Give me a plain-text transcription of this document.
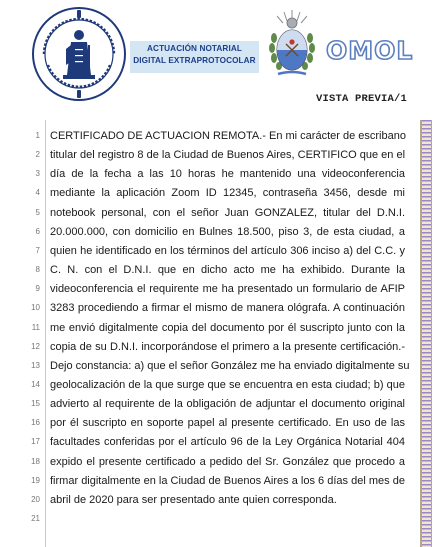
ACTUACIÓN NOTARIAL
DIGITAL EXTRAPROTOCOLAR	OMOL
VISTA PREVIA/1
1 CERTIFICADO DE ACTUACION REMOTA.- En mi carácter de escribano
2 titular del registro 8 de la Ciudad de Buenos Aires, CERTIFICO que en el
3 día de la fecha a las 10 horas he mantenido una videoconferencia
4 mediante la aplicación Zoom ID 12345, contraseña 3456, desde mi
5 notebook personal, con el señor Juan GONZALEZ, titular del D.N.I.
6 20.000.000, con domicilio en Bulnes 18.500, piso 3, de esta ciudad, a
7 quien he identificado en los términos del artículo 306 inciso a) del C.C. y
8 C. N. con el D.N.I. que en dicho acto me ha exhibido. Durante la
9 videoconferencia el requirente me ha presentado un formulario de AFIP
10 3283 procediendo a firmar el mismo de manera ológrafa. A continuación
11 me envió digitalmente copia del documento por él suscripto junto con la
12 copia de su D.N.I. incorporándose el primero a la presente certificación.-
13 Dejo constancia: a) que el señor González me ha enviado digitalmente su
14 geolocalización de la que surge que se encuentra en esta ciudad; b) que
15 advierto al requirente de la obligación de adjuntar el documento original
16 por él suscripto en soporte papel al presente certificado. En uso de las
17 facultades conferidas por el artículo 96 de la Ley Orgánica Notarial 404
18 expido el presente certificado a pedido del Sr. González que procedo a
19 firmar digitalmente en la Ciudad de Buenos Aires a los 6 días del mes de
20 abril de 2020 para ser presentado ante quien corresponda.
21
